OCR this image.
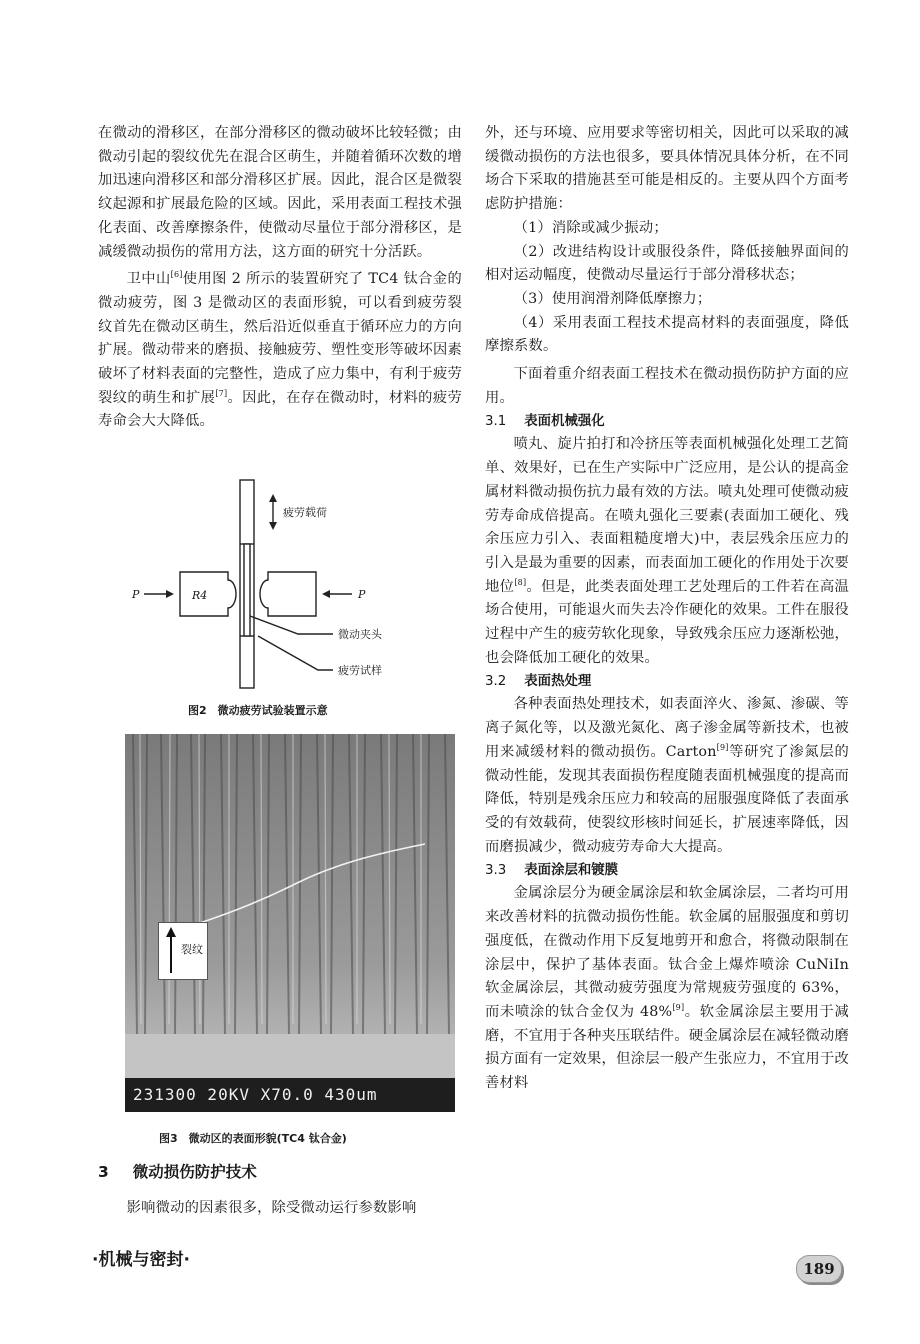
在微动的滑移区，在部分滑移区的微动破坏比较轻微；由微动引起的裂纹优先在混合区萌生，并随着循环次数的增加迅速向滑移区和部分滑移区扩展。因此，混合区是微裂纹起源和扩展最危险的区域。因此，采用表面工程技术强化表面、改善摩擦条件，使微动尽量位于部分滑移区，是减缓微动损伤的常用方法，这方面的研究十分活跃。

卫中山[6]使用图 2 所示的装置研究了 TC4 钛合金的微动疲劳，图 3 是微动区的表面形貌，可以看到疲劳裂纹首先在微动区萌生，然后沿近似垂直于循环应力的方向扩展。微动带来的磨损、接触疲劳、塑性变形等破坏因素破坏了材料表面的完整性，造成了应力集中，有利于疲劳裂纹的萌生和扩展[7]。因此，在存在微动时，材料的疲劳寿命会大大降低。

疲劳载荷
P	P
R4
微动夹头
疲劳试样
图2　微动疲劳试验装置示意
裂纹
231300 20KV X70.0 430um
图3　微动区的表面形貌(TC4 钛合金)
3 微动损伤防护技术

影响微动的因素很多，除受微动运行参数影响

外，还与环境、应用要求等密切相关，因此可以采取的减缓微动损伤的方法也很多，要具体情况具体分析，在不同场合下采取的措施甚至可能是相反的。主要从四个方面考虑防护措施：

（1）消除或减少振动；

（2）改进结构设计或服役条件，降低接触界面间的相对运动幅度，使微动尽量运行于部分滑移状态；

（3）使用润滑剂降低摩擦力；

（4）采用表面工程技术提高材料的表面强度，降低摩擦系数。

下面着重介绍表面工程技术在微动损伤防护方面的应用。

3.1 表面机械强化

喷丸、旋片拍打和冷挤压等表面机械强化处理工艺简单、效果好，已在生产实际中广泛应用，是公认的提高金属材料微动损伤抗力最有效的方法。喷丸处理可使微动疲劳寿命成倍提高。在喷丸强化三要素(表面加工硬化、残余压应力引入、表面粗糙度增大)中，表层残余压应力的引入是最为重要的因素，而表面加工硬化的作用处于次要地位[8]。但是，此类表面处理工艺处理后的工件若在高温场合使用，可能退火而失去冷作硬化的效果。工件在服役过程中产生的疲劳软化现象，导致残余压应力逐渐松弛，也会降低加工硬化的效果。

3.2 表面热处理

各种表面热处理技术，如表面淬火、渗氮、渗碳、等离子氮化等，以及激光氮化、离子渗金属等新技术，也被用来减缓材料的微动损伤。Carton[9]等研究了渗氮层的微动性能，发现其表面损伤程度随表面机械强度的提高而降低，特别是残余压应力和较高的屈服强度降低了表面承受的有效载荷，使裂纹形核时间延长，扩展速率降低，因而磨损减少，微动疲劳寿命大大提高。

3.3 表面涂层和镀膜

金属涂层分为硬金属涂层和软金属涂层，二者均可用来改善材料的抗微动损伤性能。软金属的屈服强度和剪切强度低，在微动作用下反复地剪开和愈合，将微动限制在涂层中，保护了基体表面。钛合金上爆炸喷涂 CuNiIn 软金属涂层，其微动疲劳强度为常规疲劳强度的 63%，而未喷涂的钛合金仅为 48%[9]。软金属涂层主要用于减磨，不宜用于各种夹压联结件。硬金属涂层在减轻微动磨损方面有一定效果，但涂层一般产生张应力，不宜用于改善材料

·机械与密封·	189
